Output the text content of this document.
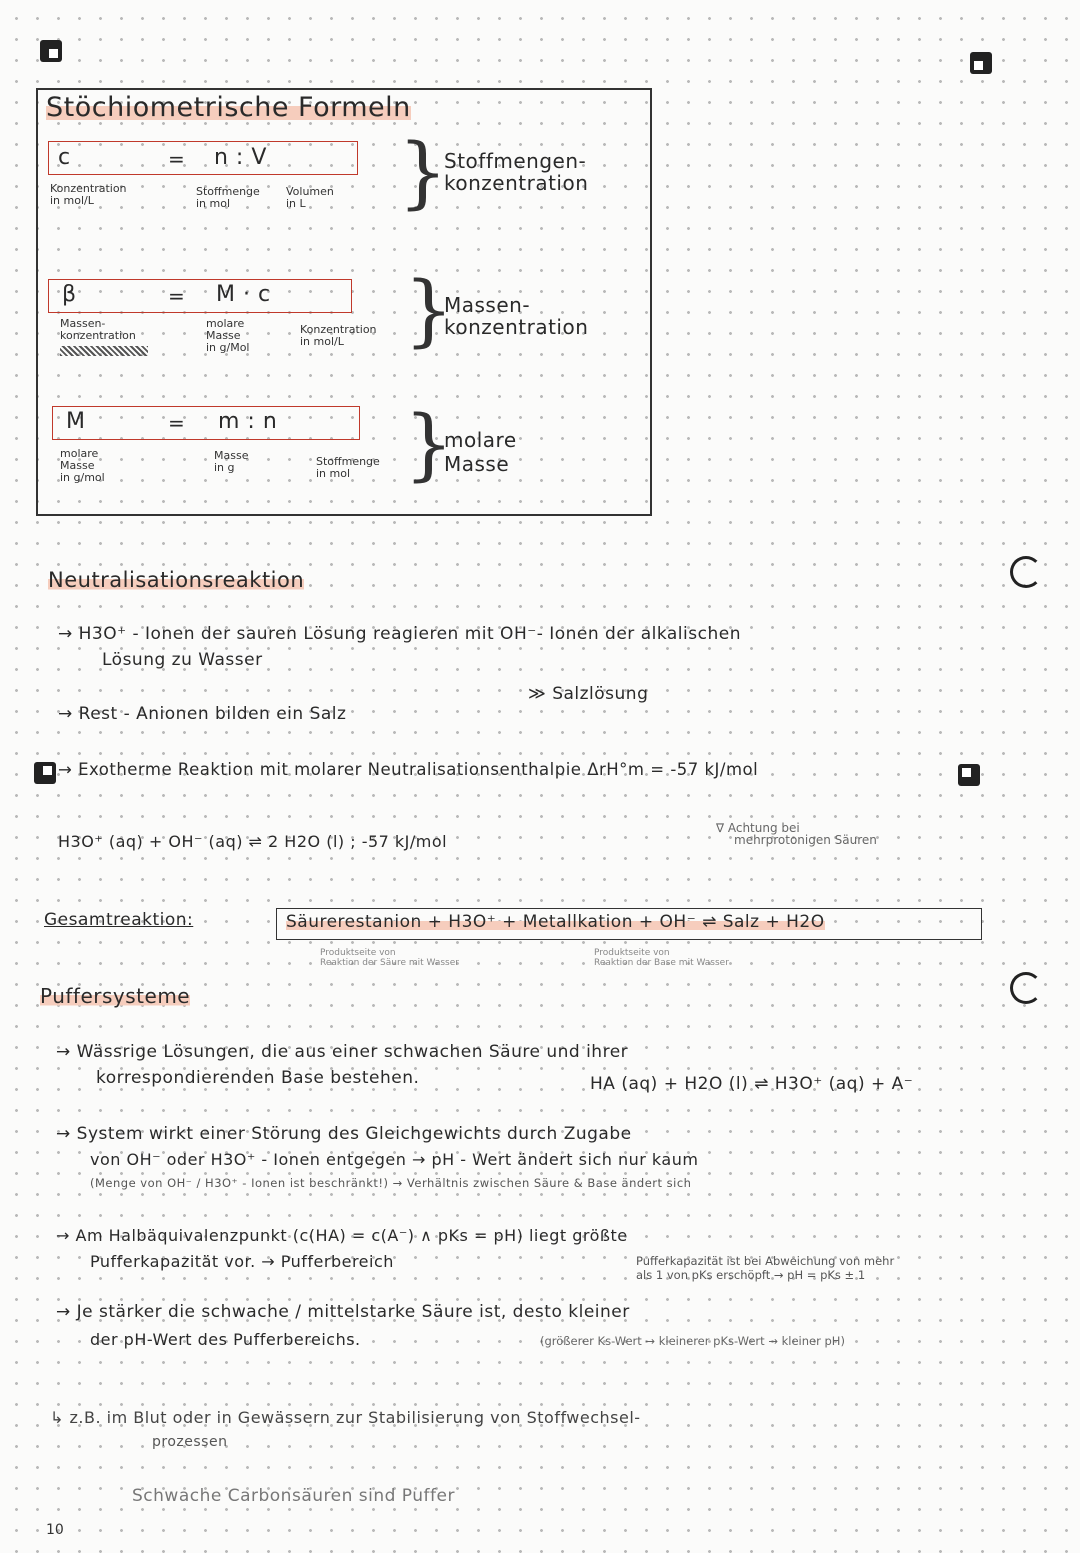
Stöchiometrische Formeln
c	= n : V
Konzentration
in mol/L
Stoffmenge
in mol
Volumen
in L	}
Stoffmengen-
konzentration
β	= M · c
Massen-
konzentration
molare
Masse
in g/Mol
Konzentration
in mol/L }
Massen-
konzentration
M	= m : n
molare
Masse
in g/mol
Masse
in g	Stoffmenge
in mol }
molare
Masse
Neutralisationsreaktion
→ H3O⁺ - Ionen der sauren Lösung reagieren mit OH⁻- Ionen der alkalischen
Lösung zu Wasser
→ Rest - Anionen bilden ein Salz
≫ Salzlösung
→ Exotherme Reaktion mit molarer Neutralisationsenthalpie ΔrH°m = -57 kJ/mol
H3O⁺ (aq) + OH⁻ (aq) ⇌ 2 H2O (l) ; -57 kJ/mol
∇ Achtung bei
mehrprotonigen Säuren
Gesamtreaktion:	Säurerestanion + H3O⁺ + Metallkation + OH⁻ ⇌ Salz + H2O
Produktseite von
Reaktion der Säure mit Wasser
Produktseite von
Reaktion der Base mit Wasser
Puffersysteme
→ Wässrige Lösungen, die aus einer schwachen Säure und ihrer
korrespondierenden Base bestehen.	HA (aq) + H2O (l) ⇌ H3O⁺ (aq) + A⁻
→ System wirkt einer Störung des Gleichgewichts durch Zugabe
von OH⁻ oder H3O⁺ - Ionen entgegen → pH - Wert ändert sich nur kaum
(Menge von OH⁻ / H3O⁺ - Ionen ist beschränkt!) → Verhältnis zwischen Säure & Base ändert sich
→ Am Halbäquivalenzpunkt (c(HA) = c(A⁻) ∧ pKs = pH) liegt größte
Pufferkapazität vor. → Pufferbereich	Pufferkapazität ist bei Abweichung von mehr
als 1 von pKs erschöpft → pH = pKs ± 1
→ Je stärker die schwache / mittelstarke Säure ist, desto kleiner
der pH-Wert des Pufferbereichs.	(größerer Ks-Wert → kleinerer pKs-Wert → kleiner pH)
↳ z.B. im Blut oder in Gewässern zur Stabilisierung von Stoffwechsel-
prozessen
Schwache Carbonsäuren sind Puffer
10
